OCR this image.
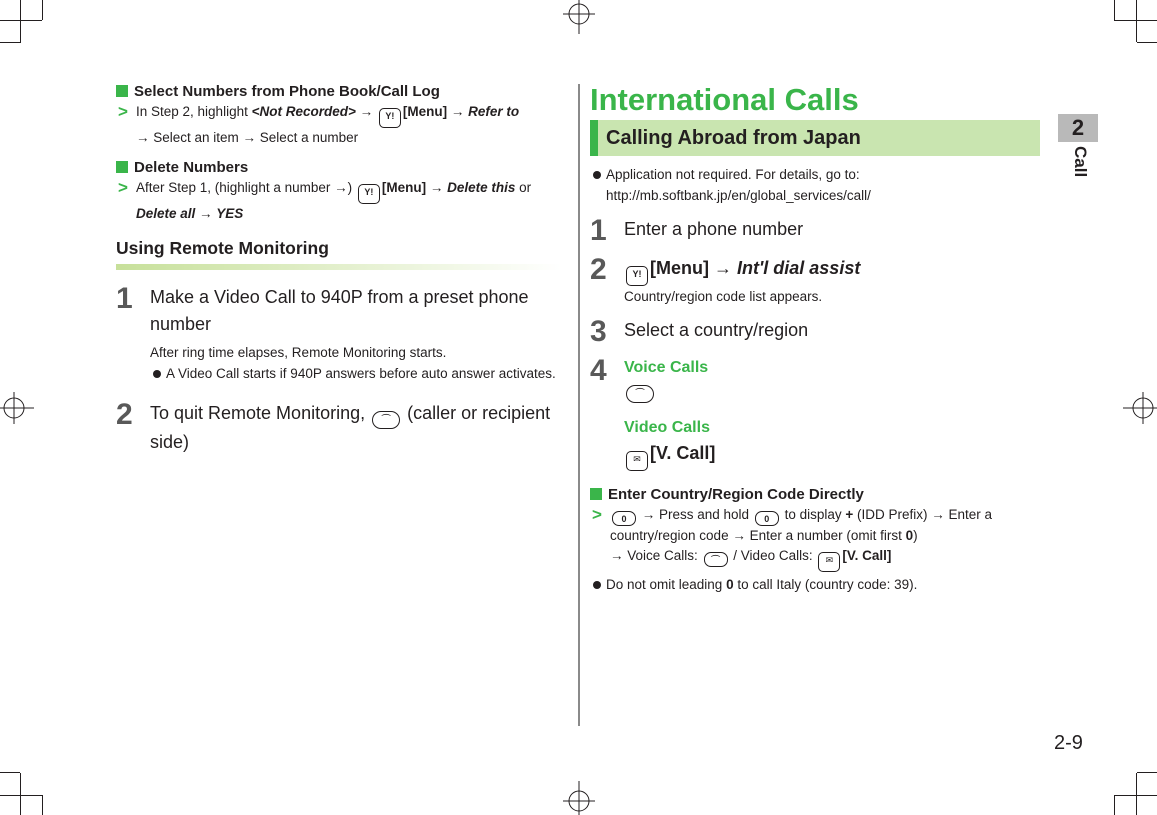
2
Call
Select Numbers from Phone Book/Call Log
> In Step 2, highlight <Not Recorded> → Y! [Menu] → Refer to
→ Select an item → Select a number
Delete Numbers
> After Step 1, (highlight a number →) Y! [Menu] → Delete this or
Delete all → YES
Using Remote Monitoring
1 Make a Video Call to 940P from a preset phone number
After ring time elapses, Remote Monitoring starts.
A Video Call starts if 940P answers before auto answer activates.
2 To quit Remote Monitoring, ⌒ (caller or recipient side)
International Calls
Calling Abroad from Japan
Application not required. For details, go to:
http://mb.softbank.jp/en/global_services/call/
1 Enter a phone number
2	Y! [Menu] → Int'l dial assist
Country/region code list appears.
3 Select a country/region
4 Voice Calls
⌒
Video Calls
✉ [V. Call]
Enter Country/Region Code Directly
> 0 → Press and hold 0 to display + (IDD Prefix) → Enter a country/region code → Enter a number (omit first 0)
→ Voice Calls: ⌒ / Video Calls: ✉ [V. Call]
Do not omit leading 0 to call Italy (country code: 39).
2-9
